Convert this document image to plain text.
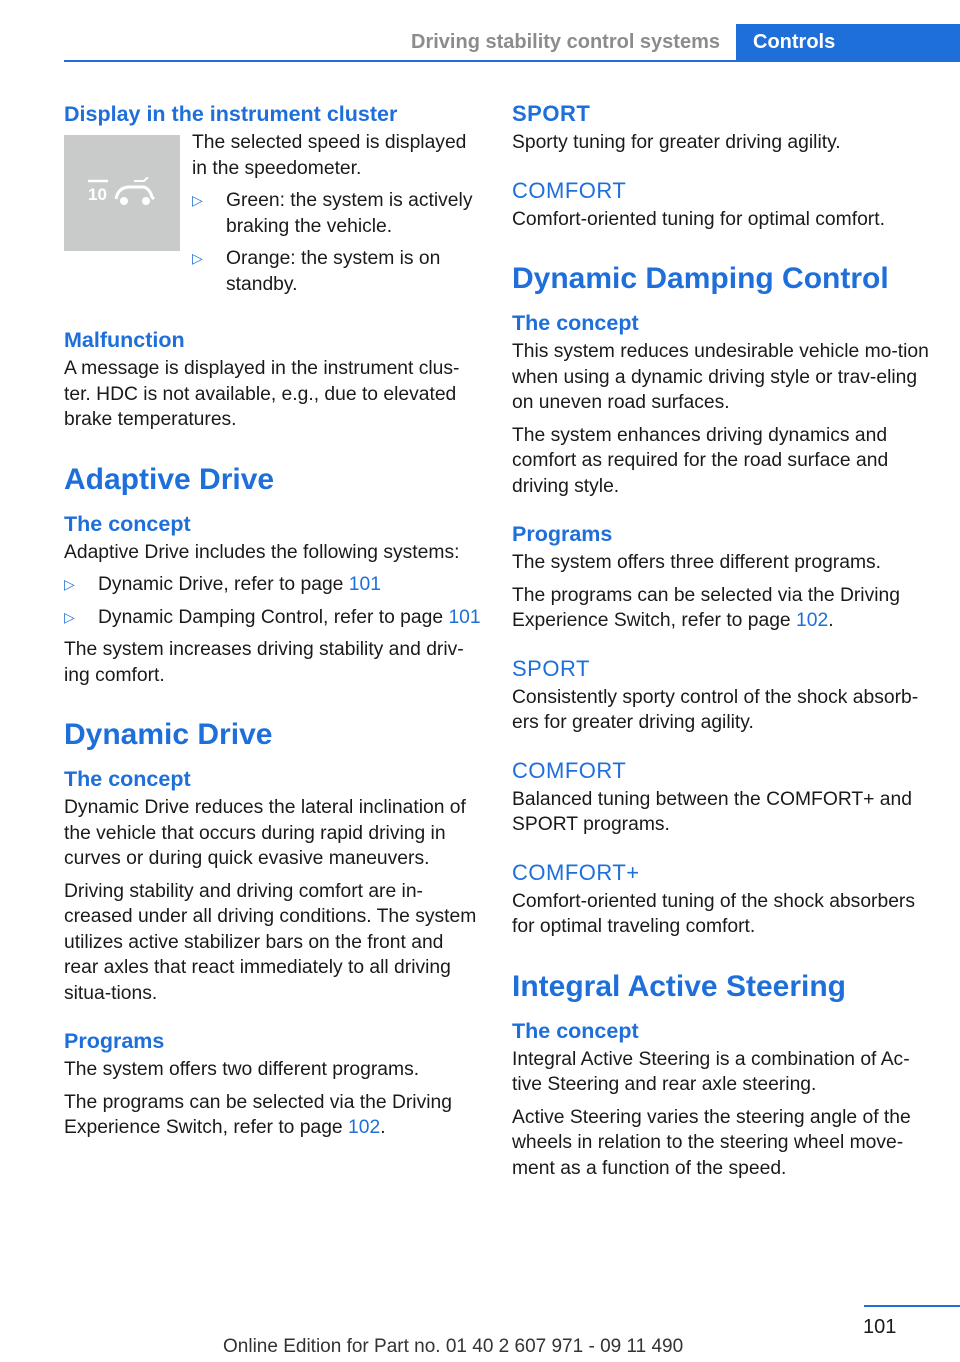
Driving stability control systems	Controls
Display in the instrument cluster
10

The selected speed is displayed in the speedometer.

▷ Green: the system is actively braking the vehicle.
▷ Orange: the system is on standby.
Malfunction

A message is displayed in the instrument clus-ter. HDC is not available, e.g., due to elevated brake temperatures.

Adaptive Drive
The concept

Adaptive Drive includes the following systems:

▷ Dynamic Drive, refer to page 101
▷ Dynamic Damping Control, refer to page 101

The system increases driving stability and driv-ing comfort.

Dynamic Drive
The concept

Dynamic Drive reduces the lateral inclination of the vehicle that occurs during rapid driving in curves or during quick evasive maneuvers.

Driving stability and driving comfort are in-creased under all driving conditions. The system utilizes active stabilizer bars on the front and rear axles that react immediately to all driving situa-tions.

Programs

The system offers two different programs.

The programs can be selected via the Driving Experience Switch, refer to page 102.

SPORT

Sporty tuning for greater driving agility.

COMFORT

Comfort-oriented tuning for optimal comfort.

Dynamic Damping Control
The concept

This system reduces undesirable vehicle mo-tion when using a dynamic driving style or trav-eling on uneven road surfaces.

The system enhances driving dynamics and comfort as required for the road surface and driving style.

Programs

The system offers three different programs.

The programs can be selected via the Driving Experience Switch, refer to page 102.

SPORT

Consistently sporty control of the shock absorb-ers for greater driving agility.

COMFORT

Balanced tuning between the COMFORT+ and SPORT programs.

COMFORT+

Comfort-oriented tuning of the shock absorbers for optimal traveling comfort.

Integral Active Steering
The concept

Integral Active Steering is a combination of Ac-tive Steering and rear axle steering.

Active Steering varies the steering angle of the wheels in relation to the steering wheel move-ment as a function of the speed.

101
Online Edition for Part no. 01 40 2 607 971 - 09 11 490
